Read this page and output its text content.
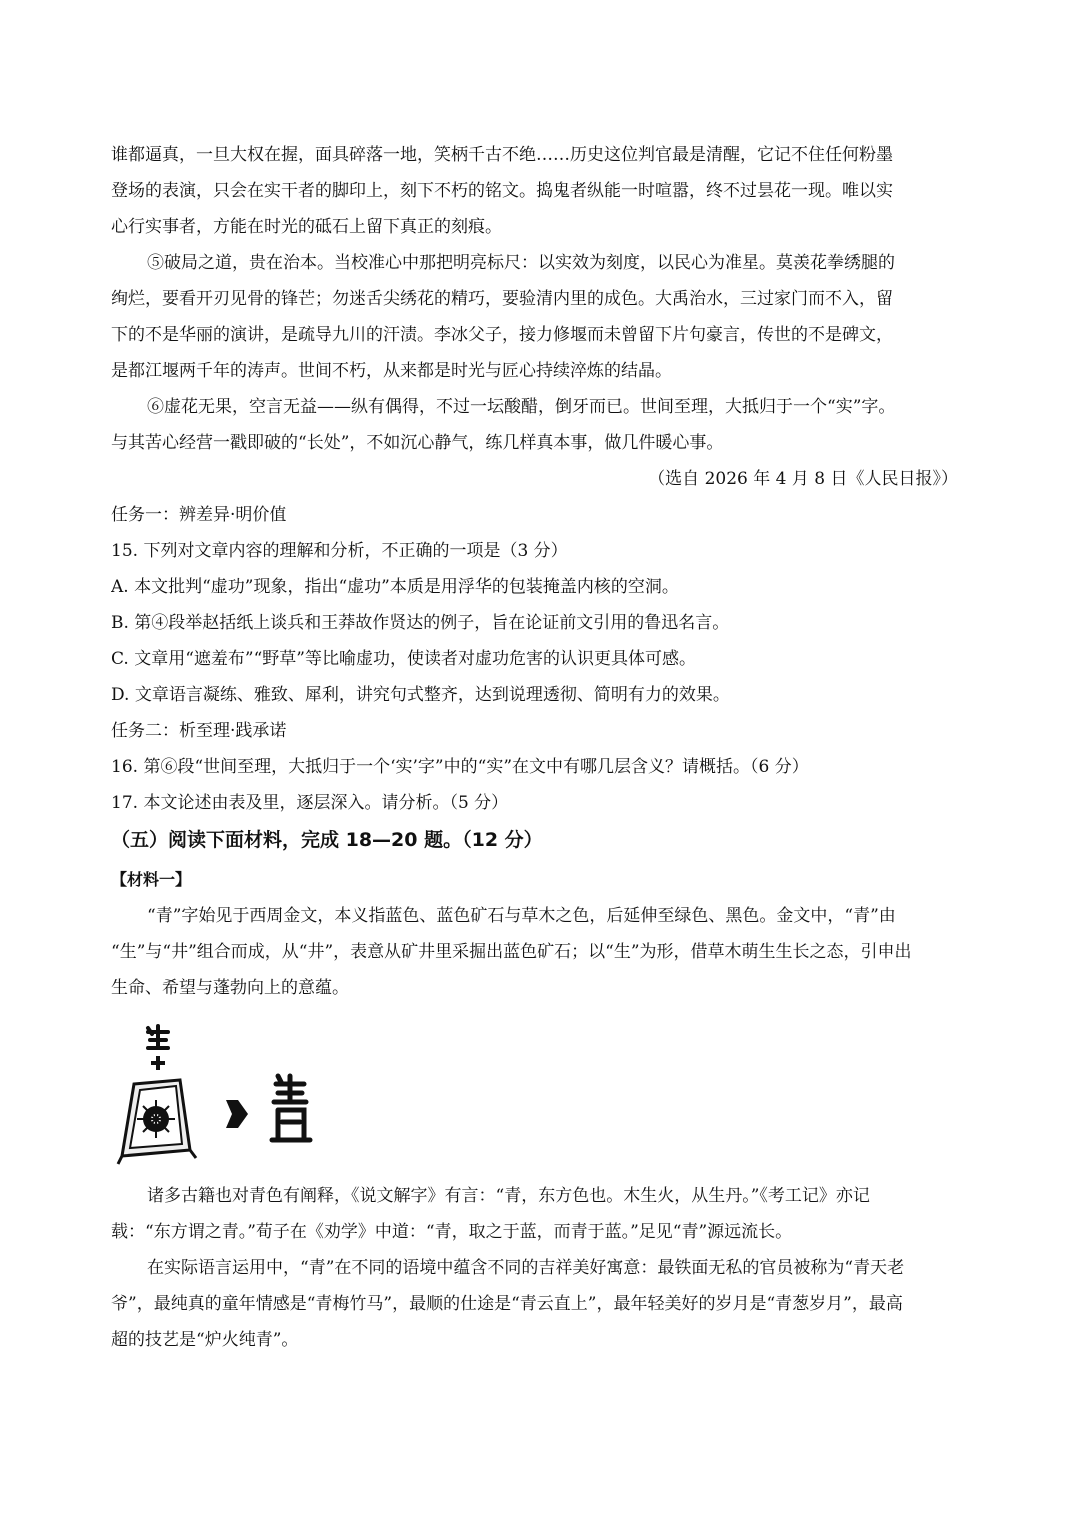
谁都逼真，一旦大权在握，面具碎落一地，笑柄千古不绝……历史这位判官最是清醒，它记不住任何粉墨
登场的表演，只会在实干者的脚印上，刻下不朽的铭文。捣鬼者纵能一时喧嚣，终不过昙花一现。唯以实
心行实事者，方能在时光的砥石上留下真正的刻痕。
⑤破局之道，贵在治本。当校准心中那把明亮标尺：以实效为刻度，以民心为准星。莫羡花拳绣腿的
绚烂，要看开刃见骨的锋芒；勿迷舌尖绣花的精巧，要验清内里的成色。大禹治水，三过家门而不入，留
下的不是华丽的演讲，是疏导九川的汗渍。李冰父子，接力修堰而未曾留下片句豪言，传世的不是碑文，
是都江堰两千年的涛声。世间不朽，从来都是时光与匠心持续淬炼的结晶。
⑥虚花无果，空言无益——纵有偶得，不过一坛酸醋，倒牙而已。世间至理，大抵归于一个“实”字。
与其苦心经营一戳即破的“长处”，不如沉心静气，练几样真本事，做几件暖心事。
（选自 2026 年 4 月 8 日《人民日报》）
任务一：辨差异·明价值
15. 下列对文章内容的理解和分析，不正确的一项是（3 分）
A. 本文批判“虚功”现象，指出“虚功”本质是用浮华的包装掩盖内核的空洞。
B. 第④段举赵括纸上谈兵和王莽故作贤达的例子，旨在论证前文引用的鲁迅名言。
C. 文章用“遮羞布”“野草”等比喻虚功，使读者对虚功危害的认识更具体可感。
D. 文章语言凝练、雅致、犀利，讲究句式整齐，达到说理透彻、简明有力的效果。
任务二：析至理·践承诺
16. 第⑥段“世间至理，大抵归于一个‘实’字”中的“实”在文中有哪几层含义？请概括。（6 分）
17. 本文论述由表及里，逐层深入。请分析。（5 分）
（五）阅读下面材料，完成 18—20 题。（12 分）
【材料一】
“青”字始见于西周金文，本义指蓝色、蓝色矿石与草木之色，后延伸至绿色、黑色。金文中，“青”由
“生”与“井”组合而成，从“井”，表意从矿井里采掘出蓝色矿石；以“生”为形，借草木萌生生长之态，引申出
生命、希望与蓬勃向上的意蕴。
诸多古籍也对青色有阐释，《说文解字》有言：“青，东方色也。木生火，从生丹。”《考工记》亦记
载：“东方谓之青。”荀子在《劝学》中道：“青，取之于蓝，而青于蓝。”足见“青”源远流长。
在实际语言运用中，“青”在不同的语境中蕴含不同的吉祥美好寓意：最铁面无私的官员被称为“青天老
爷”，最纯真的童年情感是“青梅竹马”，最顺的仕途是“青云直上”，最年轻美好的岁月是“青葱岁月”，最高
超的技艺是“炉火纯青”。
